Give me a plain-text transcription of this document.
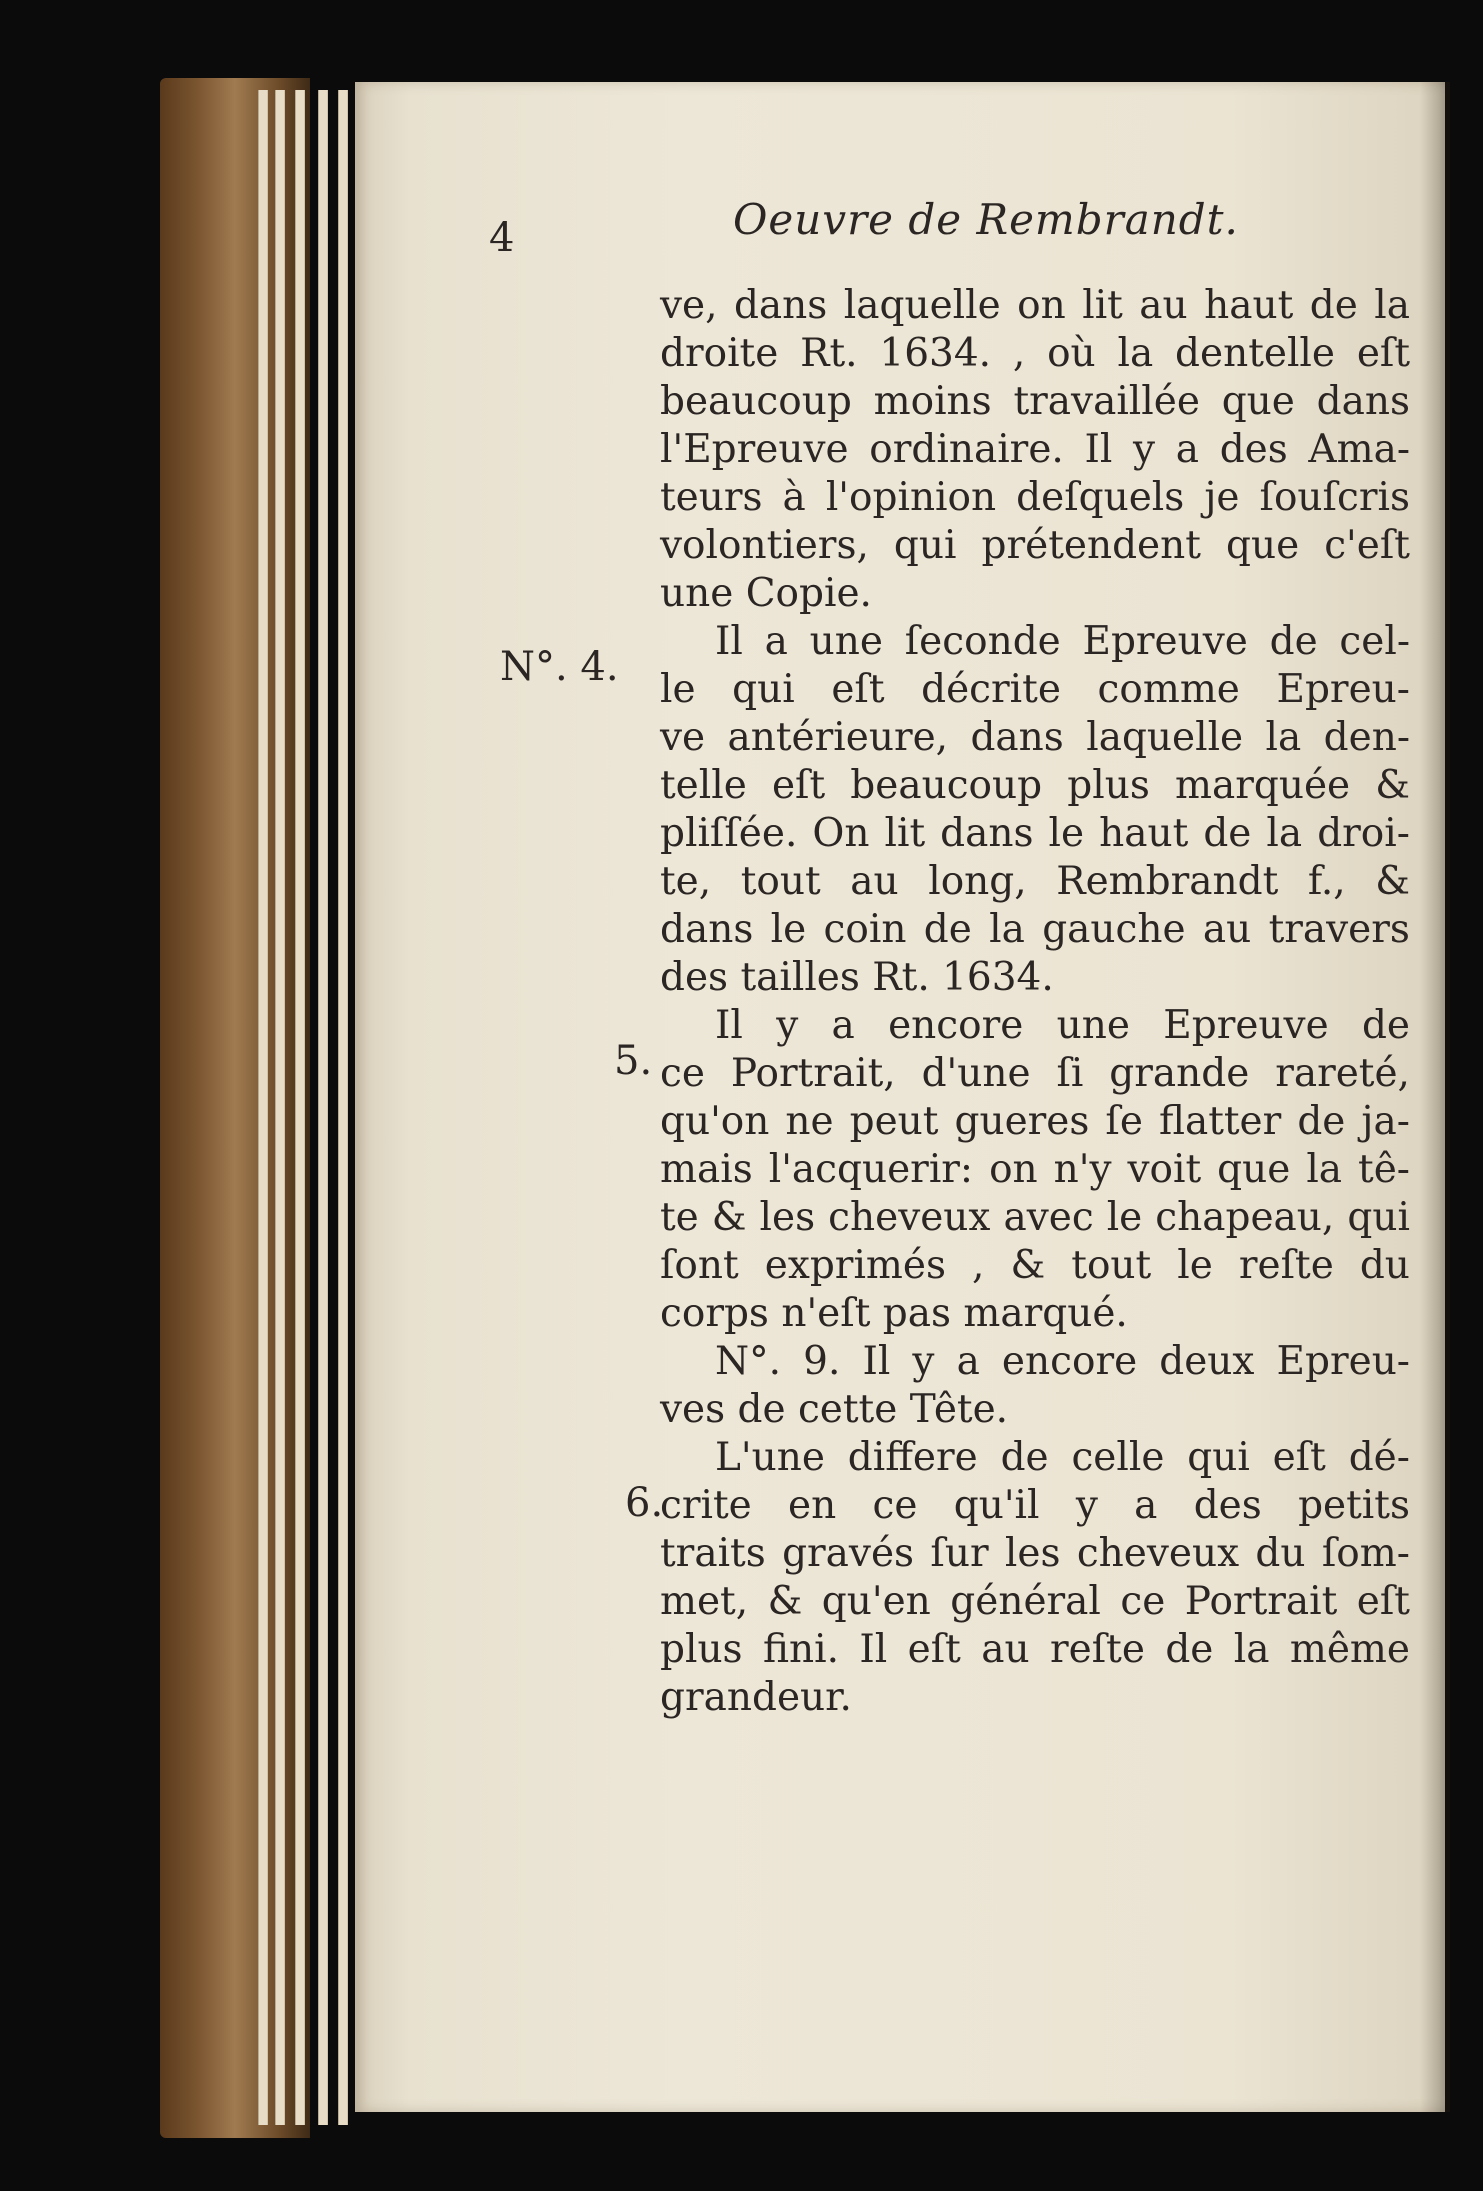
4	Oeuvre de Rembrandt.
N°. 4.
5.
6.
ve, dans laquelle on lit au haut de la
droite Rt. 1634. , où la dentelle eſt
beaucoup moins travaillée que dans
l'Epreuve ordinaire. Il y a des Ama-
teurs à l'opinion deſquels je ſouſcris
volontiers, qui prétendent que c'eſt
une Copie.
Il a une ſeconde Epreuve de cel-
le qui eſt décrite comme Epreu-
ve antérieure, dans laquelle la den-
telle eſt beaucoup plus marquée &
pliſſée. On lit dans le haut de la droi-
te, tout au long, Rembrandt f., &
dans le coin de la gauche au travers
des tailles Rt. 1634.
Il y a encore une Epreuve de
ce Portrait, d'une ſi grande rareté,
qu'on ne peut gueres ſe flatter de ja-
mais l'acquerir: on n'y voit que la tê-
te & les cheveux avec le chapeau, qui
ſont exprimés , & tout le reſte du
corps n'eſt pas marqué.
N°. 9. Il y a encore deux Epreu-
ves de cette Tête.
L'une differe de celle qui eſt dé-
crite en ce qu'il y a des petits
traits gravés ſur les cheveux du ſom-
met, & qu'en général ce Portrait eſt
plus fini. Il eſt au reſte de la même
grandeur.
